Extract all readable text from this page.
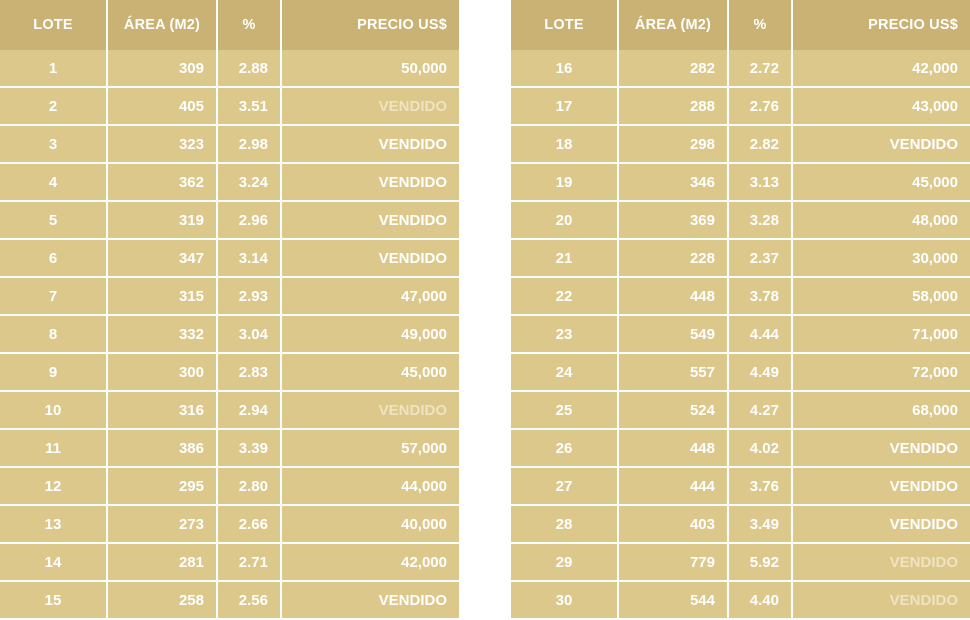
LOTE	ÁREA (M2)	%	PRECIO US$
1	309	2.88	50,000
2	405	3.51	VENDIDO
3	323	2.98	VENDIDO
4	362	3.24	VENDIDO
5	319	2.96	VENDIDO
6	347	3.14	VENDIDO
7	315	2.93	47,000
8	332	3.04	49,000
9	300	2.83	45,000
10	316	2.94	VENDIDO
11	386	3.39	57,000
12	295	2.80	44,000
13	273	2.66	40,000
14	281	2.71	42,000
15	258	2.56	VENDIDO
LOTE	ÁREA (M2)	%	PRECIO US$
16	282	2.72	42,000
17	288	2.76	43,000
18	298	2.82	VENDIDO
19	346	3.13	45,000
20	369	3.28	48,000
21	228	2.37	30,000
22	448	3.78	58,000
23	549	4.44	71,000
24	557	4.49	72,000
25	524	4.27	68,000
26	448	4.02	VENDIDO
27	444	3.76	VENDIDO
28	403	3.49	VENDIDO
29	779	5.92	VENDIDO
30	544	4.40	VENDIDO
